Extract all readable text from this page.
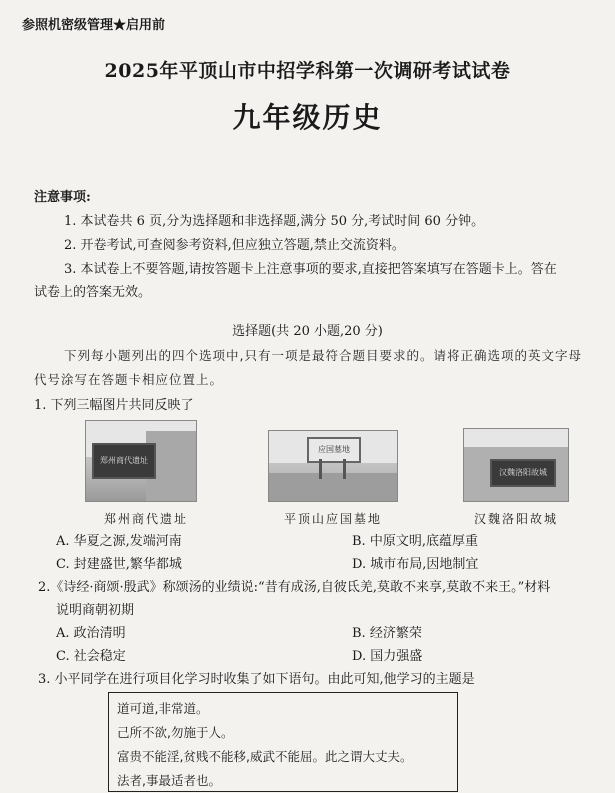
参照机密级管理★启用前
2025年平顶山市中招学科第一次调研考试试卷
九年级历史
注意事项:
1. 本试卷共 6 页,分为选择题和非选择题,满分 50 分,考试时间 60 分钟。
2. 开卷考试,可查阅参考资料,但应独立答题,禁止交流资料。
3. 本试卷上不要答题,请按答题卡上注意事项的要求,直接把答案填写在答题卡上。答在
试卷上的答案无效。
选择题(共 20 小题,20 分)
下列每小题列出的四个选项中,只有一项是最符合题目要求的。请将正确选项的英文字母
代号涂写在答题卡相应位置上。
1. 下列三幅图片共同反映了
郑州商代遗址
应国墓地
汉魏洛阳故城
郑州商代遗址	平顶山应国墓地	汉魏洛阳故城
A. 华夏之源,发端河南	B. 中原文明,底蕴厚重
C. 封建盛世,繁华都城	D. 城市布局,因地制宜
2.《诗经·商颂·殷武》称颂汤的业绩说:“昔有成汤,自彼氐羌,莫敢不来享,莫敢不来王。”材料
说明商朝初期
A. 政治清明	B. 经济繁荣
C. 社会稳定	D. 国力强盛
3. 小平同学在进行项目化学习时收集了如下语句。由此可知,他学习的主题是
道可道,非常道。
己所不欲,勿施于人。
富贵不能淫,贫贱不能移,威武不能屈。此之谓大丈夫。
法者,事最适者也。
